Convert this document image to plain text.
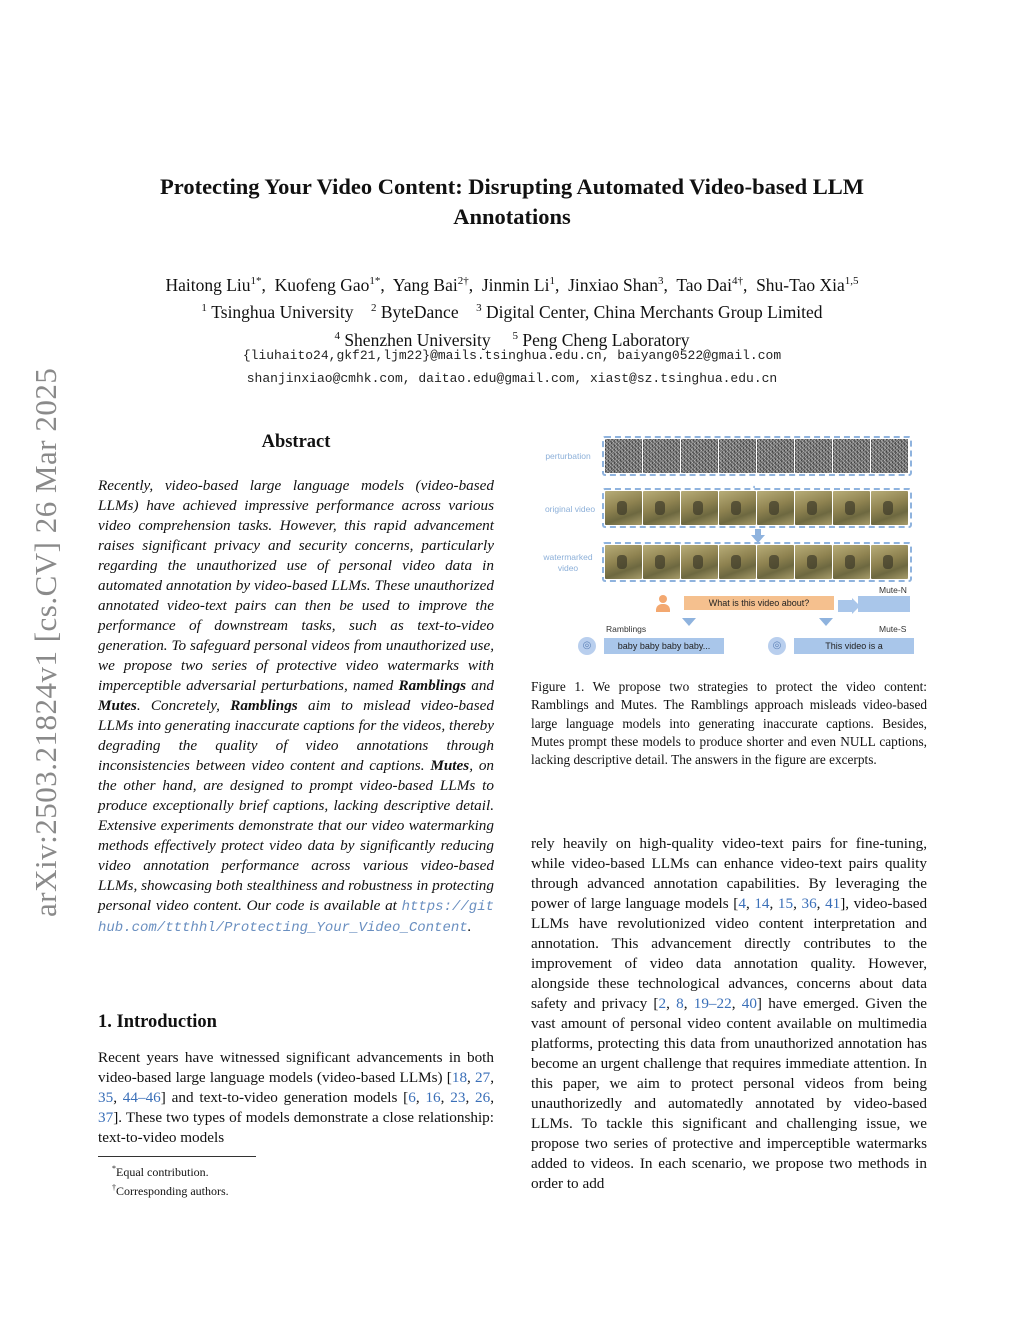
arXiv:2503.21824v1 [cs.CV] 26 Mar 2025
Protecting Your Video Content: Disrupting Automated Video-based LLM
Annotations
Haitong Liu$^{1*}$,  Kuofeng Gao$^{1*}$,  Yang Bai$^{2\dagger}$,  Jinmin Li$^1$,  Jinxiao Shan$^3$,  Tao Dai$^{4\dagger}$,  Shu-Tao Xia$^{1,5}$
$^1$ Tsinghua University $^2$ ByteDance $^3$ Digital Center, China Merchants Group Limited
$^4$ Shenzhen University $^5$ Peng Cheng Laboratory
{liuhaito24,gkf21,ljm22}@mails.tsinghua.edu.cn, baiyang0522@gmail.com
shanjinxiao@cmhk.com, daitao.edu@gmail.com, xiast@sz.tsinghua.edu.cn
Abstract
Recently, video-based large language models (video-based LLMs) have achieved impressive performance across various video comprehension tasks. However, this rapid advancement raises significant privacy and security concerns, particularly regarding the unauthorized use of personal video data in automated annotation by video-based LLMs. These unauthorized annotated video-text pairs can then be used to improve the performance of downstream tasks, such as text-to-video generation. To safeguard personal videos from unauthorized use, we propose two series of protective video watermarks with imperceptible adversarial perturbations, named Ramblings and Mutes. Concretely, Ramblings aim to mislead video-based LLMs into generating inaccurate captions for the videos, thereby degrading the quality of video annotations through inconsistencies between video content and captions. Mutes, on the other hand, are designed to prompt video-based LLMs to produce exceptionally brief captions, lacking descriptive detail. Extensive experiments demonstrate that our video watermarking methods effectively protect video data by significantly reducing video annotation performance across various video-based LLMs, showcasing both stealthiness and robustness in protecting personal video content. Our code is available at https://github.com/ttthhl/Protecting_Your_Video_Content.
1. Introduction
Recent years have witnessed significant advancements in both video-based large language models (video-based LLMs) [18, 27, 35, 44–46] and text-to-video generation models [6, 16, 23, 26, 37]. These two types of models demonstrate a close relationship: text-to-video models
rely heavily on high-quality video-text pairs for fine-tuning, while video-based LLMs can enhance video-text pairs quality through advanced annotation capabilities. By leveraging the power of large language models [4, 14, 15, 36, 41], video-based LLMs have revolutionized video content interpretation and annotation. This advancement directly contributes to the improvement of video data annotation quality. However, alongside these technological advances, concerns about data safety and privacy [2, 8, 19–22, 40] have emerged. Given the vast amount of personal video content available on multimedia platforms, protecting this data from unauthorized annotation has become an urgent challenge that requires immediate attention. In this paper, we aim to protect personal videos from being unauthorizedly and automatedly annotated by video-based LLMs. To tackle this significant and challenging issue, we propose two series of protective and imperceptible watermarks added to videos. In each scenario, we propose two methods in order to add
*Equal contribution.
†Corresponding authors.
perturbation
original video
watermarked video
What is this video about?
Mute-N
Ramblings	Mute-S
◎	baby baby baby baby...	◎	This video is a
Figure 1. We propose two strategies to protect the video content: Ramblings and Mutes. The Ramblings approach misleads video-based large language models into generating inaccurate captions. Besides, Mutes prompt these models to produce shorter and even NULL captions, lacking descriptive detail. The answers in the figure are excerpts.
